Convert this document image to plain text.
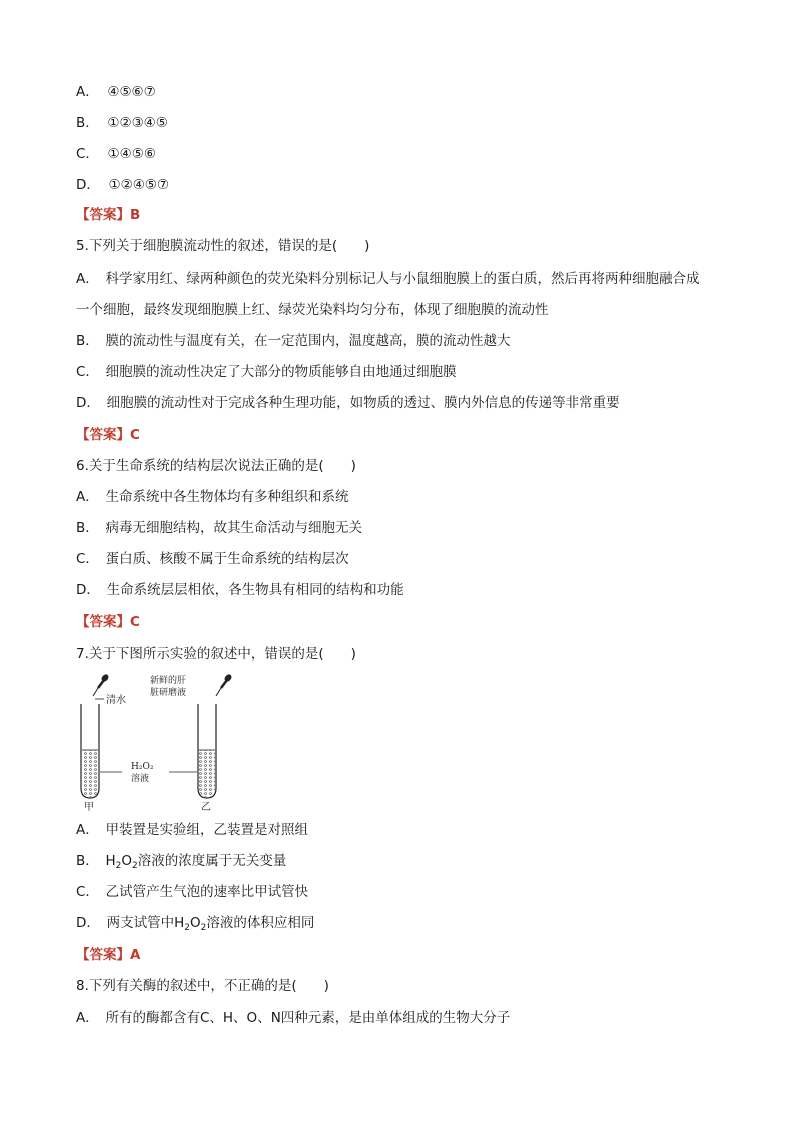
A． ④⑤⑥⑦
B． ①②③④⑤
C． ①④⑤⑥
D． ①②④⑤⑦
【答案】B
5.下列关于细胞膜流动性的叙述，错误的是(　　)
A．　科学家用红、绿两种颜色的荧光染料分别标记人与小鼠细胞膜上的蛋白质，然后再将两种细胞融合成
一个细胞，最终发现细胞膜上红、绿荧光染料均匀分布，体现了细胞膜的流动性
B．　膜的流动性与温度有关，在一定范围内，温度越高，膜的流动性越大
C．　细胞膜的流动性决定了大部分的物质能够自由地通过细胞膜
D．　细胞膜的流动性对于完成各种生理功能，如物质的透过、膜内外信息的传递等非常重要
【答案】C
6.关于生命系统的结构层次说法正确的是(　　)
A．　生命系统中各生物体均有多种组织和系统
B．　病毒无细胞结构，故其生命活动与细胞无关
C．　蛋白质、核酸不属于生命系统的结构层次
D．　生命系统层层相依，各生物具有相同的结构和功能
【答案】C
7.关于下图所示实验的叙述中，错误的是(　　)
清水
新鲜的肝
脏研磨液
H₂O₂
溶液
甲	乙
A．　甲装置是实验组，乙装置是对照组
B．　$H_2O_2$溶液的浓度属于无关变量
C．　乙试管产生气泡的速率比甲试管快
D．　两支试管中$H_2O_2$溶液的体积应相同
【答案】A
8.下列有关酶的叙述中，不正确的是(　　)
A．　所有的酶都含有C、H、O、N四种元素，是由单体组成的生物大分子
